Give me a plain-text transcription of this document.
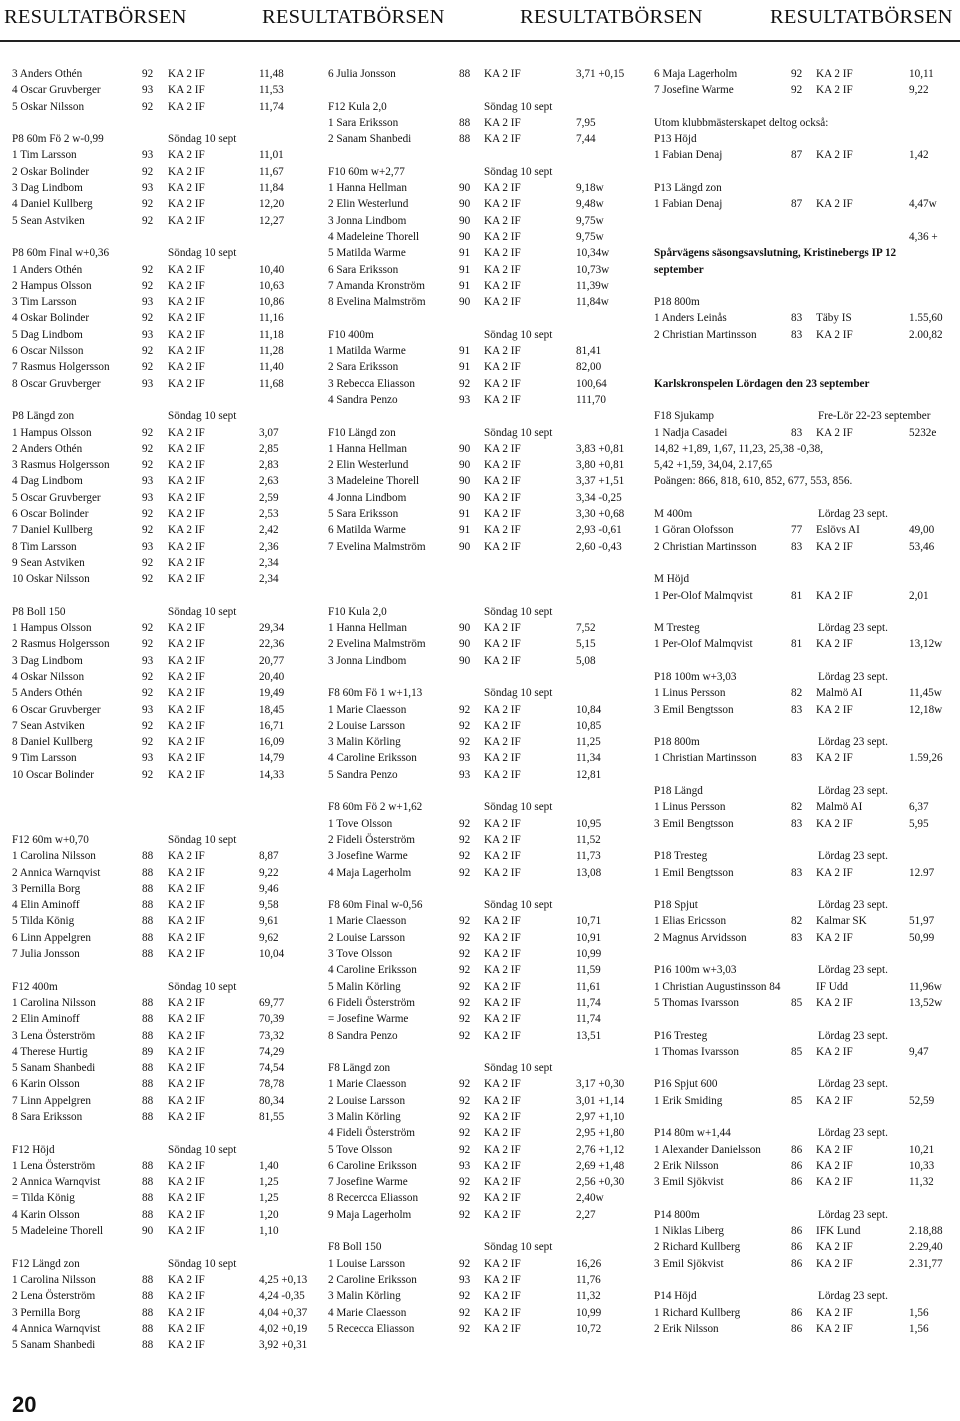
RESULTATBÖRSEN	RESULTATBÖRSEN	RESULTATBÖRSEN	RESULTATBÖRSEN
3 Anders Othén	92 KA 2 IF	11,48
4 Oscar Gruvberger	93 KA 2 IF	11,53
5 Oskar Nilsson	92 KA 2 IF	11,74
P8 60m Fö 2 w-0,99	Söndag 10 sept
1 Tim Larsson	93 KA 2 IF	11,01
2 Oskar Bolinder	92 KA 2 IF	11,67
3 Dag Lindbom	93 KA 2 IF	11,84
4 Daniel Kullberg	92 KA 2 IF	12,20
5 Sean Astviken	92 KA 2 IF	12,27
P8 60m Final w+0,36	Söndag 10 sept
1 Anders Othén	92 KA 2 IF	10,40
2 Hampus Olsson	92 KA 2 IF	10,63
3 Tim Larsson	93 KA 2 IF	10,86
4 Oskar Bolinder	92 KA 2 IF	11,16
5 Dag Lindbom	93 KA 2 IF	11,18
6 Oscar Nilsson	92 KA 2 IF	11,28
7 Rasmus Holgersson	92 KA 2 IF	11,40
8 Oscar Gruvberger	93 KA 2 IF	11,68
P8 Längd zon	Söndag 10 sept
1 Hampus Olsson	92 KA 2 IF	3,07
2 Anders Othén	92 KA 2 IF	2,85
3 Rasmus Holgersson	92 KA 2 IF	2,83
4 Dag Lindbom	93 KA 2 IF	2,63
5 Oscar Gruvberger	93 KA 2 IF	2,59
6 Oscar Bolinder	92 KA 2 IF	2,53
7 Daniel Kullberg	92 KA 2 IF	2,42
8 Tim Larsson	93 KA 2 IF	2,36
9 Sean Astviken	92 KA 2 IF	2,34
10 Oskar Nilsson	92 KA 2 IF	2,34
P8 Boll 150	Söndag 10 sept
1 Hampus Olsson	92 KA 2 IF	29,34
2 Rasmus Holgersson	92 KA 2 IF	22,36
3 Dag Lindbom	93 KA 2 IF	20,77
4 Oskar Nilsson	92 KA 2 IF	20,40
5 Anders Othén	92 KA 2 IF	19,49
6 Oscar Gruvberger	93 KA 2 IF	18,45
7 Sean Astviken	92 KA 2 IF	16,71
8 Daniel Kullberg	92 KA 2 IF	16,09
9 Tim Larsson	93 KA 2 IF	14,79
10 Oscar Bolinder	92 KA 2 IF	14,33
F12 60m w+0,70	Söndag 10 sept
1 Carolina Nilsson	88 KA 2 IF	8,87
2 Annica Warnqvist	88 KA 2 IF	9,22
3 Pernilla Borg	88 KA 2 IF	9,46
4 Elin Aminoff	88 KA 2 IF	9,58
5 Tilda König	88 KA 2 IF	9,61
6 Linn Appelgren	88 KA 2 IF	9,62
7 Julia Jonsson	88 KA 2 IF	10,04
F12 400m	Söndag 10 sept
1 Carolina Nilsson	88 KA 2 IF	69,77
2 Elin Aminoff	88 KA 2 IF	70,39
3 Lena Österström	88 KA 2 IF	73,32
4 Therese Hurtig	89 KA 2 IF	74,29
5 Sanam Shanbedi	88 KA 2 IF	74,54
6 Karin Olsson	88 KA 2 IF	78,78
7 Linn Appelgren	88 KA 2 IF	80,34
8 Sara Eriksson	88 KA 2 IF	81,55
F12 Höjd	Söndag 10 sept
1 Lena Österström	88 KA 2 IF	1,40
2 Annica Warnqvist	88 KA 2 IF	1,25
= Tilda König	88 KA 2 IF	1,25
4 Karin Olsson	88 KA 2 IF	1,20
5 Madeleine Thorell	90 KA 2 IF	1,10
F12 Längd zon	Söndag 10 sept
1 Carolina Nilsson	88 KA 2 IF	4,25 +0,13
2 Lena Österström	88 KA 2 IF	4,24 -0,35
3 Pernilla Borg	88 KA 2 IF	4,04 +0,37
4 Annica Warnqvist	88 KA 2 IF	4,02 +0,19
5 Sanam Shanbedi	88 KA 2 IF	3,92 +0,31
6 Julia Jonsson	88 KA 2 IF	3,71 +0,15
F12 Kula 2,0	Söndag 10 sept
1 Sara Eriksson	88 KA 2 IF	7,95
2 Sanam Shanbedi	88 KA 2 IF	7,44
F10 60m w+2,77	Söndag 10 sept
1 Hanna Hellman	90 KA 2 IF	9,18w
2 Elin Westerlund	90 KA 2 IF	9,48w
3 Jonna Lindbom	90 KA 2 IF	9,75w
4 Madeleine Thorell	90 KA 2 IF	9,75w
5 Matilda Warme	91 KA 2 IF	10,34w
6 Sara Eriksson	91 KA 2 IF	10,73w
7 Amanda Kronström	91 KA 2 IF	11,39w
8 Evelina Malmström	90 KA 2 IF	11,84w
F10 400m	Söndag 10 sept
1 Matilda Warme	91 KA 2 IF	81,41
2 Sara Eriksson	91 KA 2 IF	82,00
3 Rebecca Eliasson	92 KA 2 IF	100,64
4 Sandra Penzo	93 KA 2 IF	111,70
F10 Längd zon	Söndag 10 sept
1 Hanna Hellman	90 KA 2 IF	3,83 +0,81
2 Elin Westerlund	90 KA 2 IF	3,80 +0,81
3 Madeleine Thorell	90 KA 2 IF	3,37 +1,51
4 Jonna Lindbom	90 KA 2 IF	3,34 -0,25
5 Sara Eriksson	91 KA 2 IF	3,30 +0,68
6 Matilda Warme	91 KA 2 IF	2,93 -0,61
7 Evelina Malmström	90 KA 2 IF	2,60 -0,43
F10 Kula 2,0	Söndag 10 sept
1 Hanna Hellman	90 KA 2 IF	7,52
2 Evelina Malmström	90 KA 2 IF	5,15
3 Jonna Lindbom	90 KA 2 IF	5,08
F8 60m Fö 1 w+1,13	Söndag 10 sept
1 Marie Claesson	92 KA 2 IF	10,84
2 Louise Larsson	92 KA 2 IF	10,85
3 Malin Körling	92 KA 2 IF	11,25
4 Caroline Eriksson	93 KA 2 IF	11,34
5 Sandra Penzo	93 KA 2 IF	12,81
F8 60m Fö 2 w+1,62	Söndag 10 sept
1 Tove Olsson	92 KA 2 IF	10,95
2 Fideli Österström	92 KA 2 IF	11,52
3 Josefine Warme	92 KA 2 IF	11,73
4 Maja Lagerholm	92 KA 2 IF	13,08
F8 60m Final w-0,56	Söndag 10 sept
1 Marie Claesson	92 KA 2 IF	10,71
2 Louise Larsson	92 KA 2 IF	10,91
3 Tove Olsson	92 KA 2 IF	10,99
4 Caroline Eriksson	92 KA 2 IF	11,59
5 Malin Körling	92 KA 2 IF	11,61
6 Fideli Österström	92 KA 2 IF	11,74
= Josefine Warme	92 KA 2 IF	11,74
8 Sandra Penzo	92 KA 2 IF	13,51
F8 Längd zon	Söndag 10 sept
1 Marie Claesson	92 KA 2 IF	3,17 +0,30
2 Louise Larsson	92 KA 2 IF	3,01 +1,14
3 Malin Körling	92 KA 2 IF	2,97 +1,10
4 Fideli Österström	92 KA 2 IF	2,95 +1,80
5 Tove Olsson	92 KA 2 IF	2,76 +1,12
6 Caroline Eriksson	93 KA 2 IF	2,69 +1,48
7 Josefine Warme	92 KA 2 IF	2,56 +0,30
8 Recercca Eliasson	92 KA 2 IF	2,40w
9 Maja Lagerholm	92 KA 2 IF	2,27
F8 Boll 150	Söndag 10 sept
1 Louise Larsson	92 KA 2 IF	16,26
2 Caroline Eriksson	93 KA 2 IF	11,76
3 Malin Körling	92 KA 2 IF	11,32
4 Marie Claesson	92 KA 2 IF	10,99
5 Rececca Eliasson	92 KA 2 IF	10,72
6 Maja Lagerholm	92 KA 2 IF	10,11
7 Josefine Warme	92 KA 2 IF	9,22
Utom klubbmästerskapet deltog också:
P13 Höjd
1 Fabian Denaj	87 KA 2 IF	1,42
P13 Längd zon
1 Fabian Denaj	87 KA 2 IF	4,47w
4,36 +
Spårvägens säsongsavslutning, Kristinebergs IP 12
september
P18 800m
1 Anders Leinås	83 Täby IS	1.55,60
2 Christian Martinsson	83 KA 2 IF	2.00,82
Karlskronspelen Lördagen den 23 september
F18 Sjukamp	Fre-Lör 22-23 september
1 Nadja Casadei	83 KA 2 IF	5232e
14,82 +1,89, 1,67, 11,23, 25,38 -0,38,
5,42 +1,59, 34,04, 2.17,65
Poängen: 866, 818, 610, 852, 677, 553, 856.
M 400m	Lördag 23 sept.
1 Göran Olofsson	77 Eslövs AI	49,00
2 Christian Martinsson	83 KA 2 IF	53,46
M Höjd
1 Per-Olof Malmqvist	81 KA 2 IF	2,01
M Tresteg	Lördag 23 sept.
1 Per-Olof Malmqvist	81 KA 2 IF	13,12w
P18 100m w+3,03	Lördag 23 sept.
1 Linus Persson	82 Malmö AI	11,45w
3 Emil Bengtsson	83 KA 2 IF	12,18w
P18 800m	Lördag 23 sept.
1 Christian Martinsson	83 KA 2 IF	1.59,26
P18 Längd	Lördag 23 sept.
1 Linus Persson	82 Malmö AI	6,37
3 Emil Bengtsson	83 KA 2 IF	5,95
P18 Tresteg	Lördag 23 sept.
1 Emil Bengtsson	83 KA 2 IF	12.97
P18 Spjut	Lördag 23 sept.
1 Elias Ericsson	82 Kalmar SK	51,97
2 Magnus Arvidsson	83 KA 2 IF	50,99
P16 100m w+3,03	Lördag 23 sept.
1 Christian Augustinsson 84	IF Udd	11,96w
5 Thomas Ivarsson	85 KA 2 IF	13,52w
P16 Tresteg	Lördag 23 sept.
1 Thomas Ivarsson	85 KA 2 IF	9,47
P16 Spjut 600	Lördag 23 sept.
1 Erik Smiding	85 KA 2 IF	52,59
P14 80m w+1,44	Lördag 23 sept.
1 Alexander Danielsson	86 KA 2 IF	10,21
2 Erik Nilsson	86 KA 2 IF	10,33
3 Emil Sjökvist	86 KA 2 IF	11,32
P14 800m	Lördag 23 sept.
1 Niklas Liberg	86 IFK Lund	2.18,88
2 Richard Kullberg	86 KA 2 IF	2.29,40
3 Emil Sjökvist	86 KA 2 IF	2.31,77
P14 Höjd	Lördag 23 sept.
1 Richard Kullberg	86 KA 2 IF	1,56
2 Erik Nilsson	86 KA 2 IF	1,56
20
